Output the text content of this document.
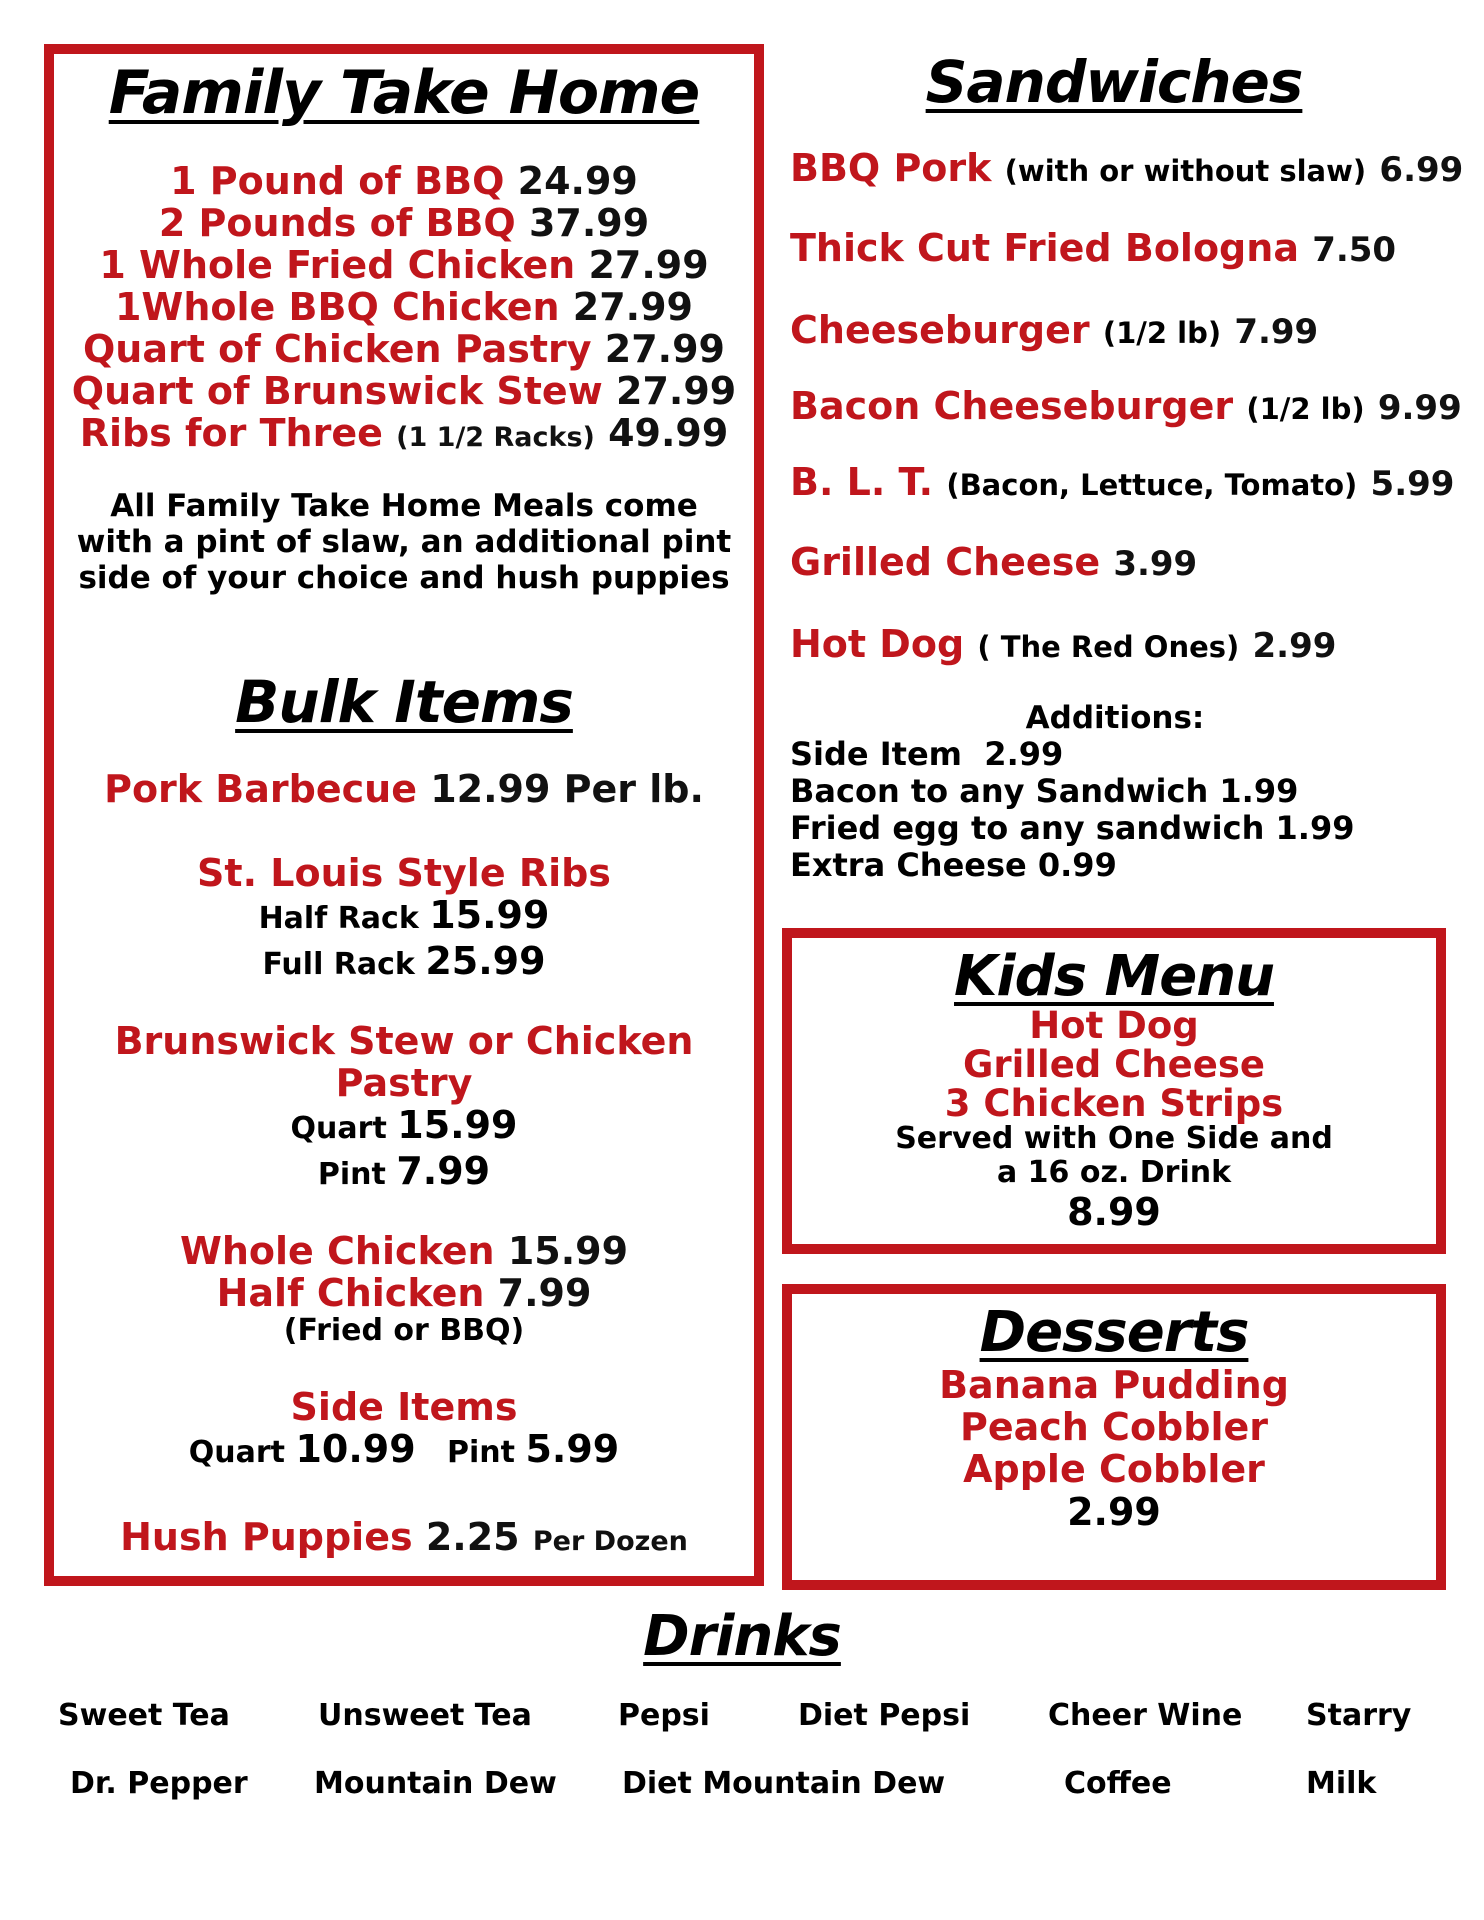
Family Take Home
1 Pound of BBQ 24.99
2 Pounds of BBQ 37.99
1 Whole Fried Chicken 27.99
1Whole BBQ Chicken 27.99
Quart of Chicken Pastry 27.99
Quart of Brunswick Stew 27.99
Ribs for Three (1 1/2 Racks) 49.99
All Family Take Home Meals come with a pint of slaw, an additional pint side of your choice and hush puppies
Bulk Items
Pork Barbecue 12.99 Per lb.
St. Louis Style Ribs
Half Rack 15.99
Full Rack 25.99
Brunswick Stew or Chicken Pastry
Quart 15.99
Pint 7.99
Whole Chicken 15.99
Half Chicken 7.99
(Fried or BBQ)
Side Items
Quart 10.99 Pint 5.99
Hush Puppies 2.25 Per Dozen
Sandwiches
BBQ Pork (with or without slaw) 6.99
Thick Cut Fried Bologna 7.50
Cheeseburger (1/2 lb) 7.99
Bacon Cheeseburger (1/2 lb) 9.99
B. L. T. (Bacon, Lettuce, Tomato) 5.99
Grilled Cheese 3.99
Hot Dog ( The Red Ones) 2.99
Additions:
Side Item  2.99
Bacon to any Sandwich 1.99
Fried egg to any sandwich 1.99
Extra Cheese 0.99
Kids Menu
Hot Dog
Grilled Cheese
3 Chicken Strips
Served with One Side and
a 16 oz. Drink
8.99
Desserts
Banana Pudding
Peach Cobbler
Apple Cobbler
2.99
Drinks
Sweet Tea	Unsweet Tea	Pepsi	Diet Pepsi	Cheer Wine Starry
Dr. Pepper Mountain Dew Diet Mountain Dew	Coffee	Milk
